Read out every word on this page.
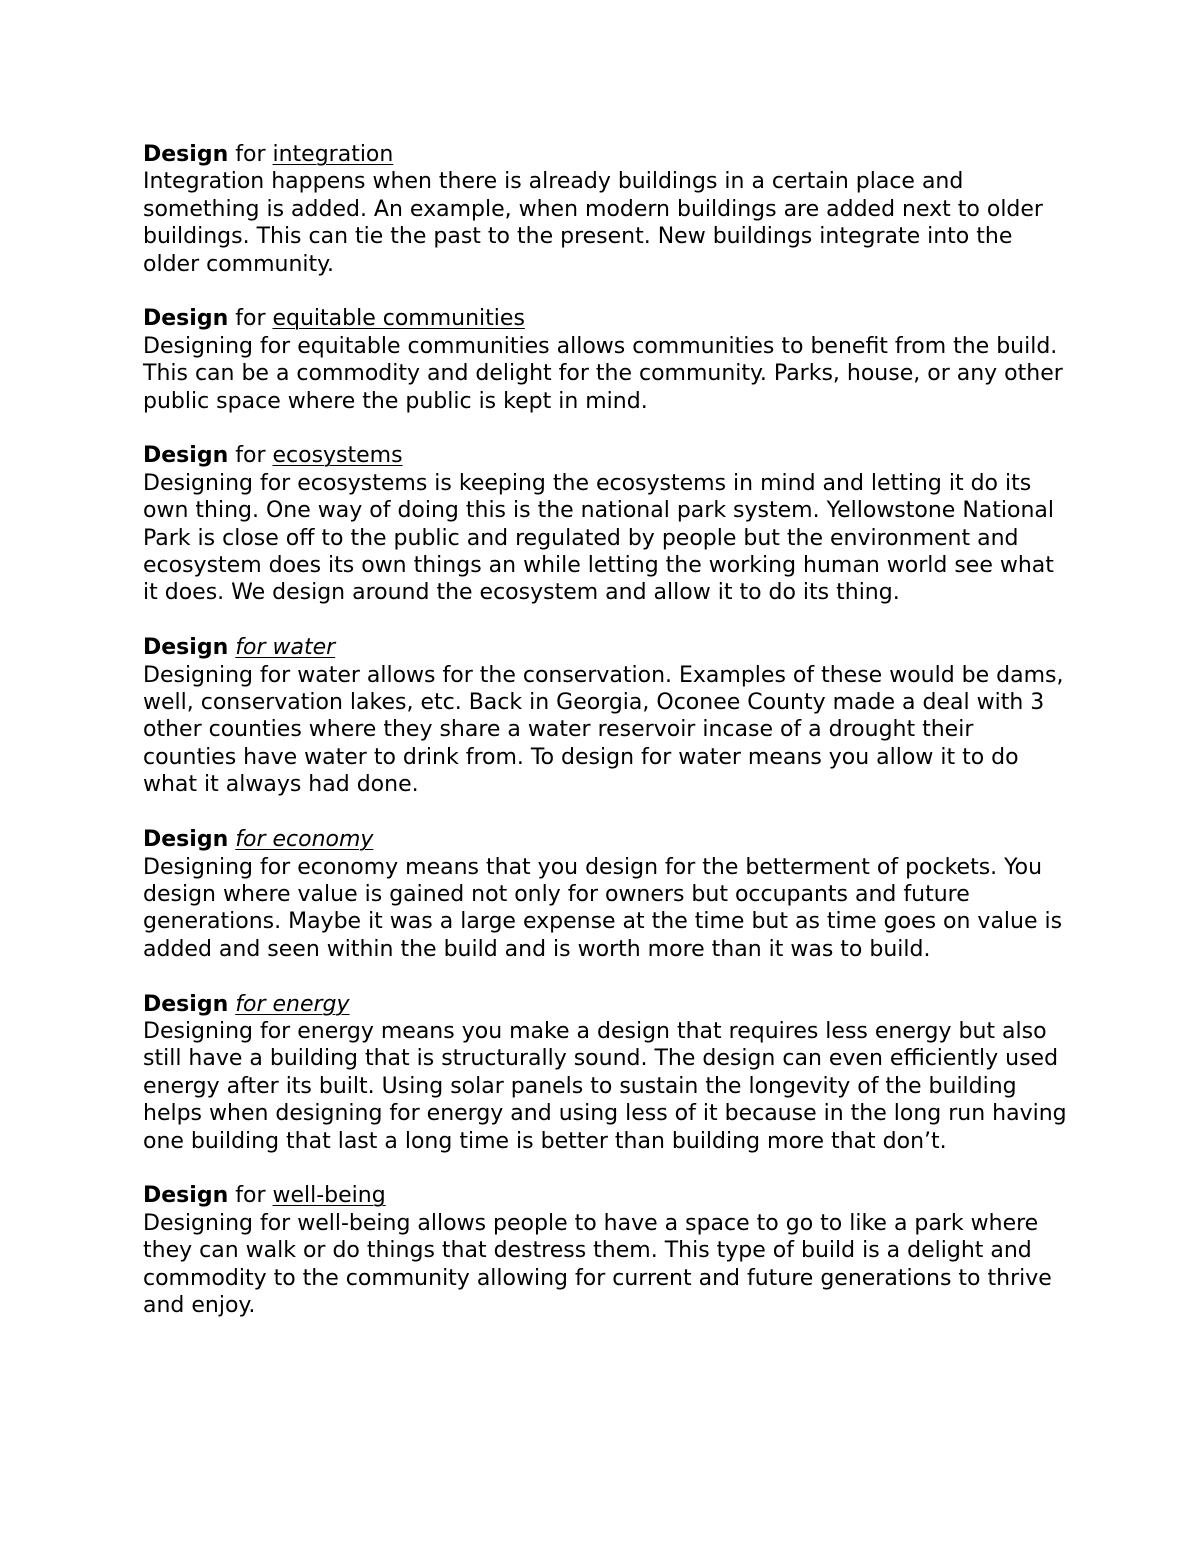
Design for integration

Integration happens when there is already buildings in a certain place and something is added. An example, when modern buildings are added next to older buildings. This can tie the past to the present. New buildings integrate into the older community.

Design for equitable communities

Designing for equitable communities allows communities to benefit from the build. This can be a commodity and delight for the community. Parks, house, or any other public space where the public is kept in mind.

Design for ecosystems

Designing for ecosystems is keeping the ecosystems in mind and letting it do its own thing. One way of doing this is the national park system. Yellowstone National Park is close off to the public and regulated by people but the environment and ecosystem does its own things an while letting the working human world see what it does. We design around the ecosystem and allow it to do its thing.

Design for water

Designing for water allows for the conservation. Examples of these would be dams, well, conservation lakes, etc. Back in Georgia, Oconee County made a deal with 3 other counties where they share a water reservoir incase of a drought their counties have water to drink from. To design for water means you allow it to do what it always had done.

Design for economy

Designing for economy means that you design for the betterment of pockets. You design where value is gained not only for owners but occupants and future generations. Maybe it was a large expense at the time but as time goes on value is added and seen within the build and is worth more than it was to build.

Design for energy

Designing for energy means you make a design that requires less energy but also still have a building that is structurally sound. The design can even efficiently used energy after its built. Using solar panels to sustain the longevity of the building helps when designing for energy and using less of it because in the long run having one building that last a long time is better than building more that don’t.

Design for well-being

Designing for well-being allows people to have a space to go to like a park where they can walk or do things that destress them. This type of build is a delight and commodity to the community allowing for current and future generations to thrive and enjoy.
